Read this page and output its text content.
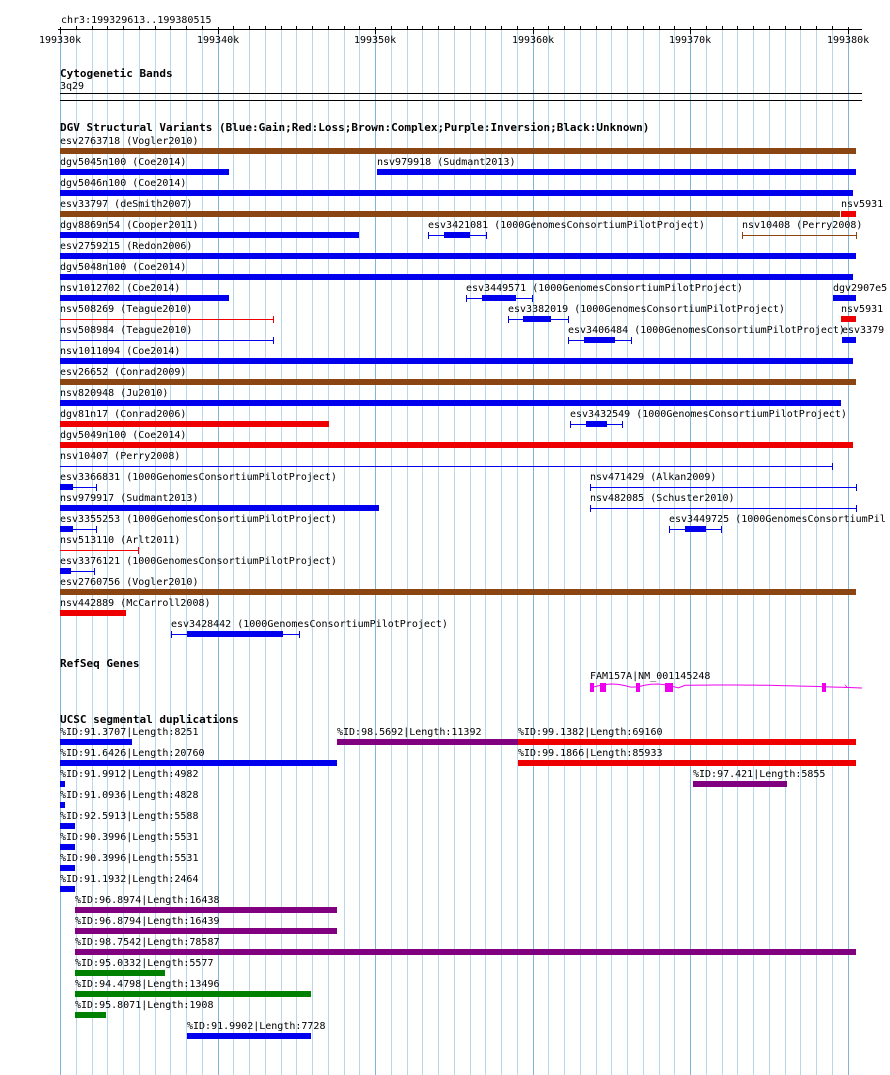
chr3:199329613..199380515
199330k	199340k	199350k	199360k	199370k	199380k
Cytogenetic Bands
3q29
DGV Structural Variants (Blue:Gain;Red:Loss;Brown:Complex;Purple:Inversion;Black:Unknown)
esv2763718 (Vogler2010)
dgv5045n100 (Coe2014)	nsv979918 (Sudmant2013)
dgv5046n100 (Coe2014)
esv33797 (deSmith2007)	nsv5931
dgv8869n54 (Cooper2011)	esv3421081 (1000GenomesConsortiumPilotProject)	nsv10408 (Perry2008)
esv2759215 (Redon2006)
dgv5048n100 (Coe2014)
nsv1012702 (Coe2014)	esv3449571 (1000GenomesConsortiumPilotProject)	dgv2907e5
nsv508269 (Teague2010)	esv3382019 (1000GenomesConsortiumPilotProject)	nsv5931
nsv508984 (Teague2010)	esv3406484 (1000GenomesConsortiumPilotProject)
esv3379
nsv1011094 (Coe2014)
esv26652 (Conrad2009)
nsv820948 (Ju2010)
dgv81n17 (Conrad2006)	esv3432549 (1000GenomesConsortiumPilotProject)
dgv5049n100 (Coe2014)
nsv10407 (Perry2008)
esv3366831 (1000GenomesConsortiumPilotProject)	nsv471429 (Alkan2009)
nsv979917 (Sudmant2013)	nsv482085 (Schuster2010)
esv3355253 (1000GenomesConsortiumPilotProject)	esv3449725 (1000GenomesConsortiumPil
nsv513110 (Arlt2011)
esv3376121 (1000GenomesConsortiumPilotProject)
esv2760756 (Vogler2010)
nsv442889 (McCarroll2008)
esv3428442 (1000GenomesConsortiumPilotProject)
RefSeq Genes
FAM157A|NM_001145248
›
UCSC segmental duplications
%ID:91.3707|Length:8251	%ID:98.5692|Length:11392	%ID:99.1382|Length:69160
%ID:91.6426|Length:20760	%ID:99.1866|Length:85933
%ID:91.9912|Length:4982	%ID:97.421|Length:5855
%ID:91.0936|Length:4828
%ID:92.5913|Length:5588
%ID:90.3996|Length:5531
%ID:90.3996|Length:5531
%ID:91.1932|Length:2464
%ID:96.8974|Length:16438
%ID:96.8794|Length:16439
%ID:98.7542|Length:78587
%ID:95.0332|Length:5577
%ID:94.4798|Length:13496
%ID:95.8071|Length:1908
%ID:91.9902|Length:7728
